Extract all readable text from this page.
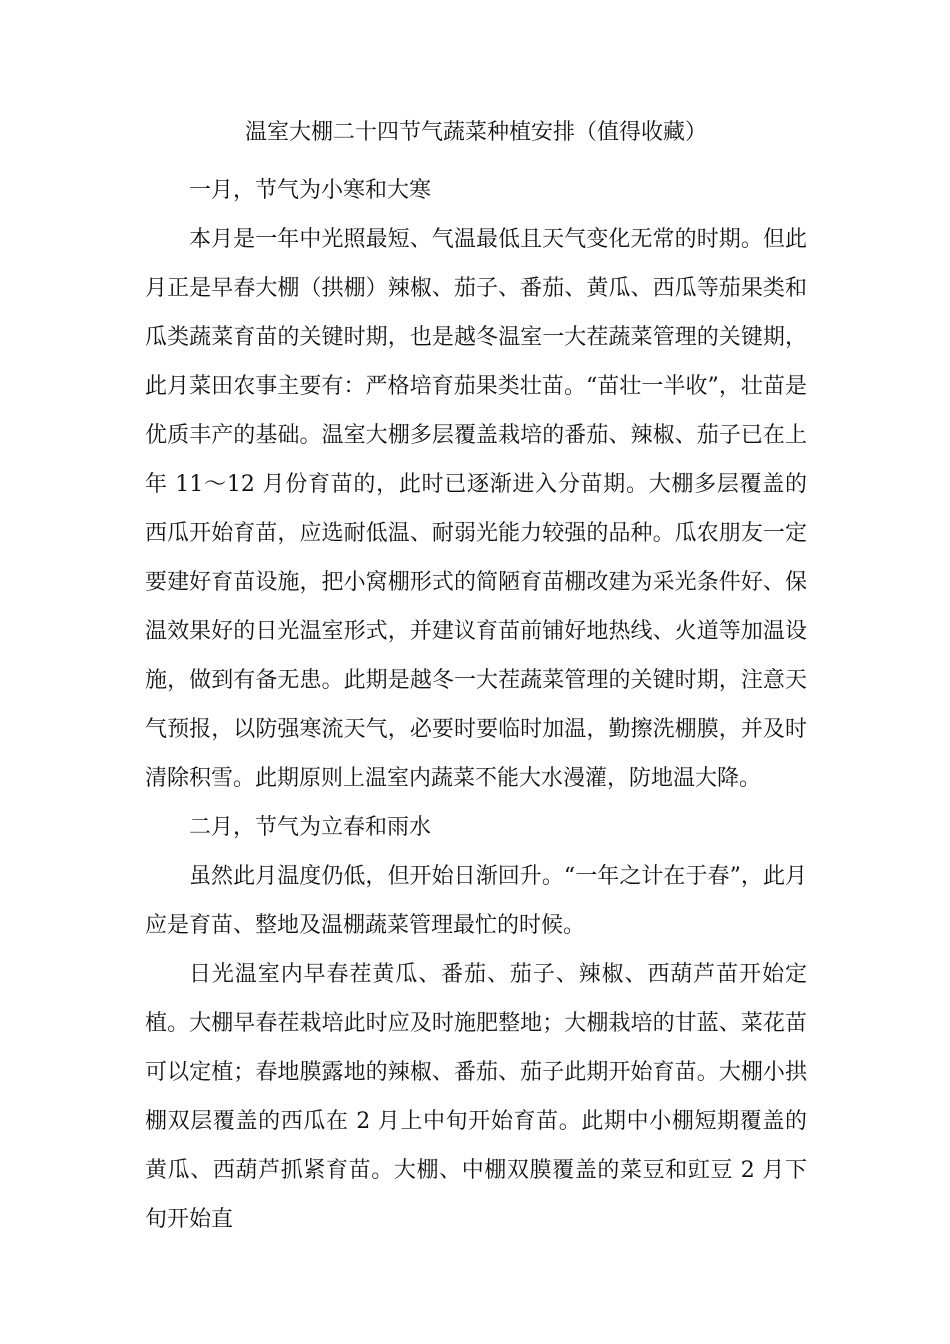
温室大棚二十四节气蔬菜种植安排（值得收藏）

一月，节气为小寒和大寒

本月是一年中光照最短、气温最低且天气变化无常的时期。但此月正是早春大棚（拱棚）辣椒、茄子、番茄、黄瓜、西瓜等茄果类和瓜类蔬菜育苗的关键时期，也是越冬温室一大茬蔬菜管理的关键期，此月菜田农事主要有：严格培育茄果类壮苗。“苗壮一半收”，壮苗是优质丰产的基础。温室大棚多层覆盖栽培的番茄、辣椒、茄子已在上年 11～12 月份育苗的，此时已逐渐进入分苗期。大棚多层覆盖的西瓜开始育苗，应选耐低温、耐弱光能力较强的品种。瓜农朋友一定要建好育苗设施，把小窝棚形式的简陋育苗棚改建为采光条件好、保温效果好的日光温室形式，并建议育苗前铺好地热线、火道等加温设施，做到有备无患。此期是越冬一大茬蔬菜管理的关键时期，注意天气预报，以防强寒流天气，必要时要临时加温，勤擦洗棚膜，并及时清除积雪。此期原则上温室内蔬菜不能大水漫灌，防地温大降。

二月，节气为立春和雨水

虽然此月温度仍低，但开始日渐回升。“一年之计在于春”，此月应是育苗、整地及温棚蔬菜管理最忙的时候。

日光温室内早春茬黄瓜、番茄、茄子、辣椒、西葫芦苗开始定植。大棚早春茬栽培此时应及时施肥整地；大棚栽培的甘蓝、菜花苗可以定植；春地膜露地的辣椒、番茄、茄子此期开始育苗。大棚小拱棚双层覆盖的西瓜在 2 月上中旬开始育苗。此期中小棚短期覆盖的黄瓜、西葫芦抓紧育苗。大棚、中棚双膜覆盖的菜豆和豇豆 2 月下旬开始直
